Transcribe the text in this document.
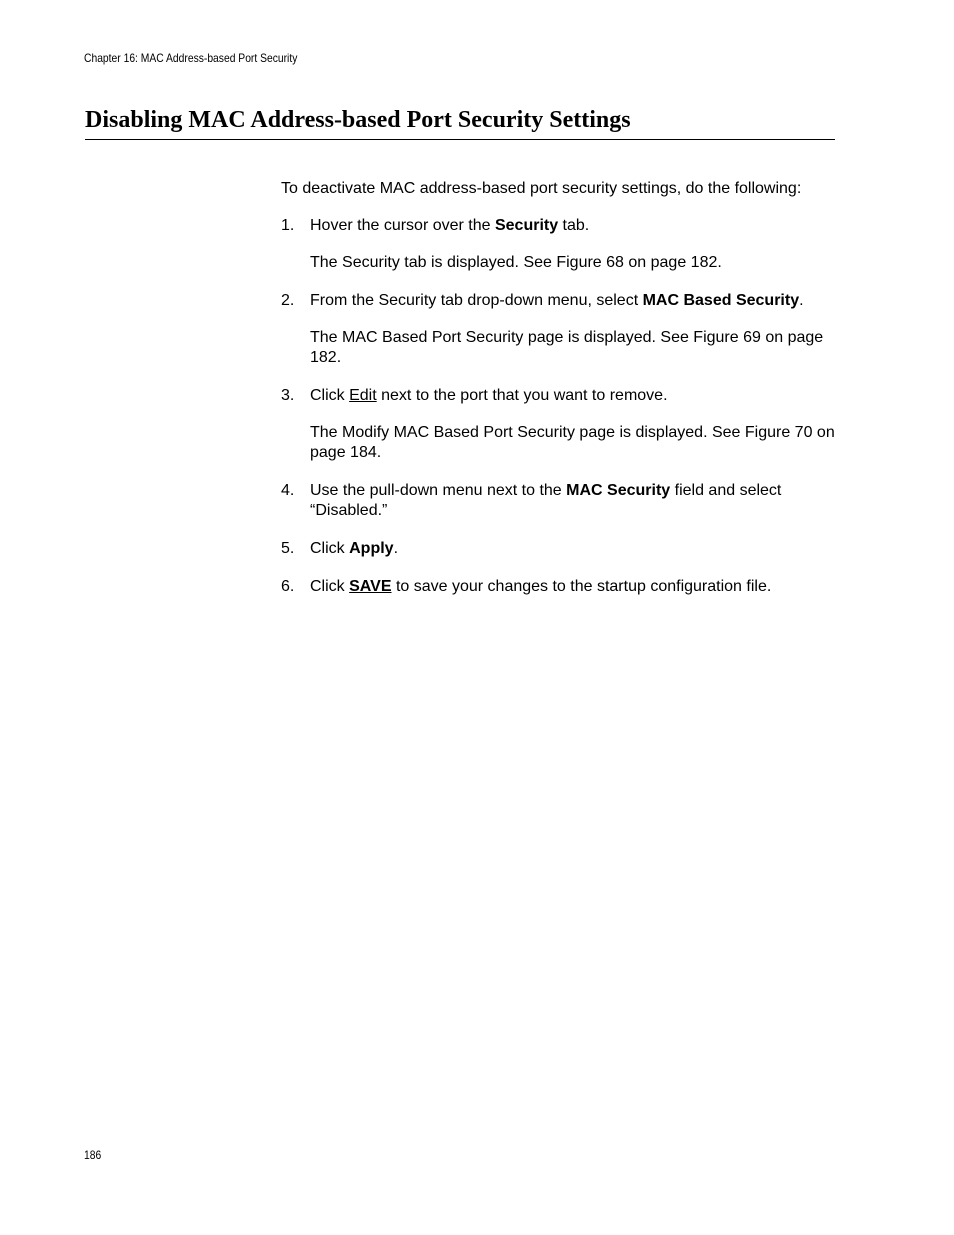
Chapter 16: MAC Address-based Port Security
Disabling MAC Address-based Port Security Settings

To deactivate MAC address-based port security settings, do the following:

1. Hover the cursor over the Security tab.

The Security tab is displayed. See Figure 68 on page 182.

2. From the Security tab drop-down menu, select MAC Based Security.

The MAC Based Port Security page is displayed. See Figure 69 on page 182.

3. Click Edit next to the port that you want to remove.

The Modify MAC Based Port Security page is displayed. See Figure 70 on page 184.

4. Use the pull-down menu next to the MAC Security field and select “Disabled.”

5. Click Apply.

6. Click SAVE to save your changes to the startup configuration file.

186
